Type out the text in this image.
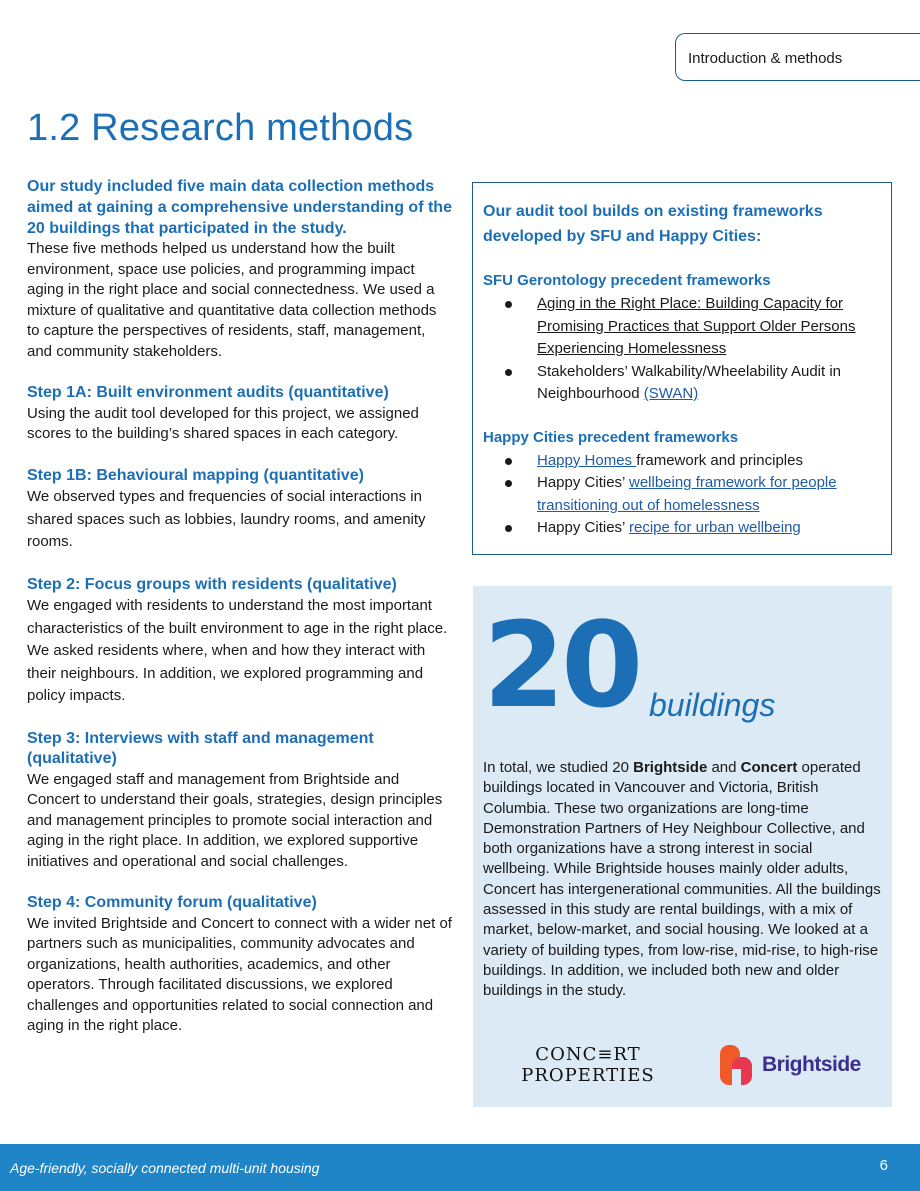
Introduction & methods
1.2 Research methods

Our study included five main data collection methods aimed at gaining a comprehensive understanding of the 20 buildings that participated in the study.

These five methods helped us understand how the built environment, space use policies, and programming impact aging in the right place and social connectedness. We used a mixture of qualitative and quantitative data collection methods to capture the perspectives of residents, staff, management, and community stakeholders.

Step 1A: Built environment audits (quantitative)

Using the audit tool developed for this project, we assigned scores to the building’s shared spaces in each category.

Step 1B: Behavioural mapping (quantitative)

We observed types and frequencies of social interactions in shared spaces such as lobbies, laundry rooms, and amenity rooms.

Step 2: Focus groups with residents (qualitative)

We engaged with residents to understand the most important characteristics of the built environment to age in the right place. We asked residents where, when and how they interact with their neighbours. In addition, we explored programming and policy impacts.

Step 3: Interviews with staff and management (qualitative)

We engaged staff and management from Brightside and Concert to understand their goals, strategies, design principles and management principles to promote social interaction and aging in the right place. In addition, we explored supportive initiatives and operational and social challenges.

Step 4: Community forum (qualitative)

We invited Brightside and Concert to connect with a wider net of partners such as municipalities, community advocates and organizations, health authorities, academics, and other operators. Through facilitated discussions, we explored challenges and opportunities related to social connection and aging in the right place.

Our audit tool builds on existing frameworks developed by SFU and Happy Cities:

SFU Gerontology precedent frameworks

Aging in the Right Place: Building Capacity for Promising Practices that Support Older Persons Experiencing Homelessness
Stakeholders’ Walkability/Wheelability Audit in Neighbourhood (SWAN)

Happy Cities precedent frameworks

Happy Homes framework and principles
Happy Cities’ wellbeing framework for people transitioning out of homelessness
Happy Cities’ recipe for urban wellbeing
20 buildings

In total, we studied 20 Brightside and Concert operated buildings located in Vancouver and Victoria, British Columbia. These two organizations are long-time Demonstration Partners of Hey Neighbour Collective, and both organizations have a strong interest in social wellbeing. While Brightside houses mainly older adults, Concert has intergenerational communities. All the buildings assessed in this study are rental buildings, with a mix of market, below-market, and social housing. We looked at a variety of building types, from low-rise, mid-rise, to high-rise buildings. In addition, we included both new and older buildings in the study.

CONC≡RT
PROPERTIES	Brightside
Age-friendly, socially connected multi-unit housing	6
